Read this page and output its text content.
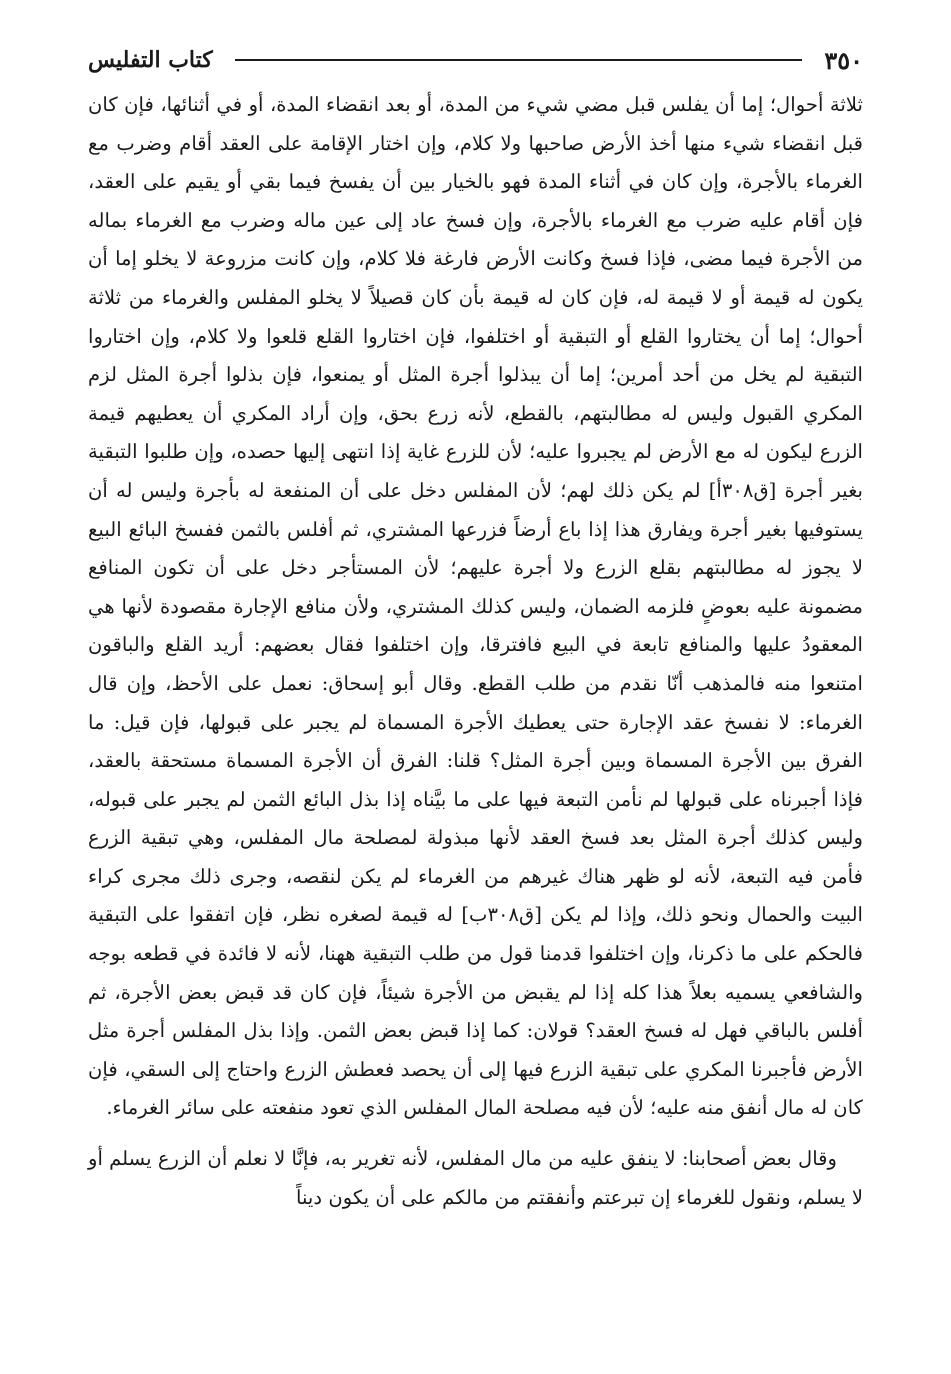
٣٥٠
كتاب التفليس

ثلاثة أحوال؛ إما أن يفلس قبل مضي شيء من المدة، أو بعد انقضاء المدة، أو في أثنائها، فإن كان قبل انقضاء شيء منها أخذ الأرض صاحبها ولا كلام، وإن اختار الإقامة على العقد أقام وضرب مع الغرماء بالأجرة، وإن كان في أثناء المدة فهو بالخيار بين أن يفسخ فيما بقي أو يقيم على العقد، فإن أقام عليه ضرب مع الغرماء بالأجرة، وإن فسخ عاد إلى عين ماله وضرب مع الغرماء بماله من الأجرة فيما مضى، فإذا فسخ وكانت الأرض فارغة فلا كلام، وإن كانت مزروعة لا يخلو إما أن يكون له قيمة أو لا قيمة له، فإن كان له قيمة بأن كان قصيلاً لا يخلو المفلس والغرماء من ثلاثة أحوال؛ إما أن يختاروا القلع أو التبقية أو اختلفوا، فإن اختاروا القلع قلعوا ولا كلام، وإن اختاروا التبقية لم يخل من أحد أمرين؛ إما أن يبذلوا أجرة المثل أو يمنعوا، فإن بذلوا أجرة المثل لزم المكري القبول وليس له مطالبتهم، بالقطع، لأنه زرع بحق، وإن أراد المكري أن يعطيهم قيمة الزرع ليكون له مع الأرض لم يجبروا عليه؛ لأن للزرع غاية إذا انتهى إليها حصده، وإن طلبوا التبقية بغير أجرة [ق٣٠٨أ] لم يكن ذلك لهم؛ لأن المفلس دخل على أن المنفعة له بأجرة وليس له أن يستوفيها بغير أجرة ويفارق هذا إذا باع أرضاً فزرعها المشتري، ثم أفلس بالثمن ففسخ البائع البيع لا يجوز له مطالبتهم بقلع الزرع ولا أجرة عليهم؛ لأن المستأجر دخل على أن تكون المنافع مضمونة عليه بعوضٍ فلزمه الضمان، وليس كذلك المشتري، ولأن منافع الإجارة مقصودة لأنها هي المعقودُ عليها والمنافع تابعة في البيع فافترقا، وإن اختلفوا فقال بعضهم: أريد القلع والباقون امتنعوا منه فالمذهب أنّا نقدم من طلب القطع. وقال أبو إسحاق: نعمل على الأحظ، وإن قال الغرماء: لا نفسخ عقد الإجارة حتى يعطيك الأجرة المسماة لم يجبر على قبولها، فإن قيل: ما الفرق بين الأجرة المسماة وبين أجرة المثل؟ قلنا: الفرق أن الأجرة المسماة مستحقة بالعقد، فإذا أجبرناه على قبولها لم نأمن التبعة فيها على ما بيَّناه إذا بذل البائع الثمن لم يجبر على قبوله، وليس كذلك أجرة المثل بعد فسخ العقد لأنها مبذولة لمصلحة مال المفلس، وهي تبقية الزرع فأمن فيه التبعة، لأنه لو ظهر هناك غيرهم من الغرماء لم يكن لنقصه، وجرى ذلك مجرى كراء البيت والحمال ونحو ذلك، وإذا لم يكن [ق٣٠٨ب] له قيمة لصغره نظر، فإن اتفقوا على التبقية فالحكم على ما ذكرنا، وإن اختلفوا قدمنا قول من طلب التبقية ههنا، لأنه لا فائدة في قطعه بوجه والشافعي يسميه بعلاً هذا كله إذا لم يقبض من الأجرة شيئاً، فإن كان قد قبض بعض الأجرة، ثم أفلس بالباقي فهل له فسخ العقد؟ قولان: كما إذا قبض بعض الثمن. وإذا بذل المفلس أجرة مثل الأرض فأجبرنا المكري على تبقية الزرع فيها إلى أن يحصد فعطش الزرع واحتاج إلى السقي، فإن كان له مال أنفق منه عليه؛ لأن فيه مصلحة المال المفلس الذي تعود منفعته على سائر الغرماء.

وقال بعض أصحابنا: لا ينفق عليه من مال المفلس، لأنه تغرير به، فإنَّا لا نعلم أن الزرع يسلم أو لا يسلم، ونقول للغرماء إن تبرعتم وأنفقتم من مالكم على أن يكون ديناً
